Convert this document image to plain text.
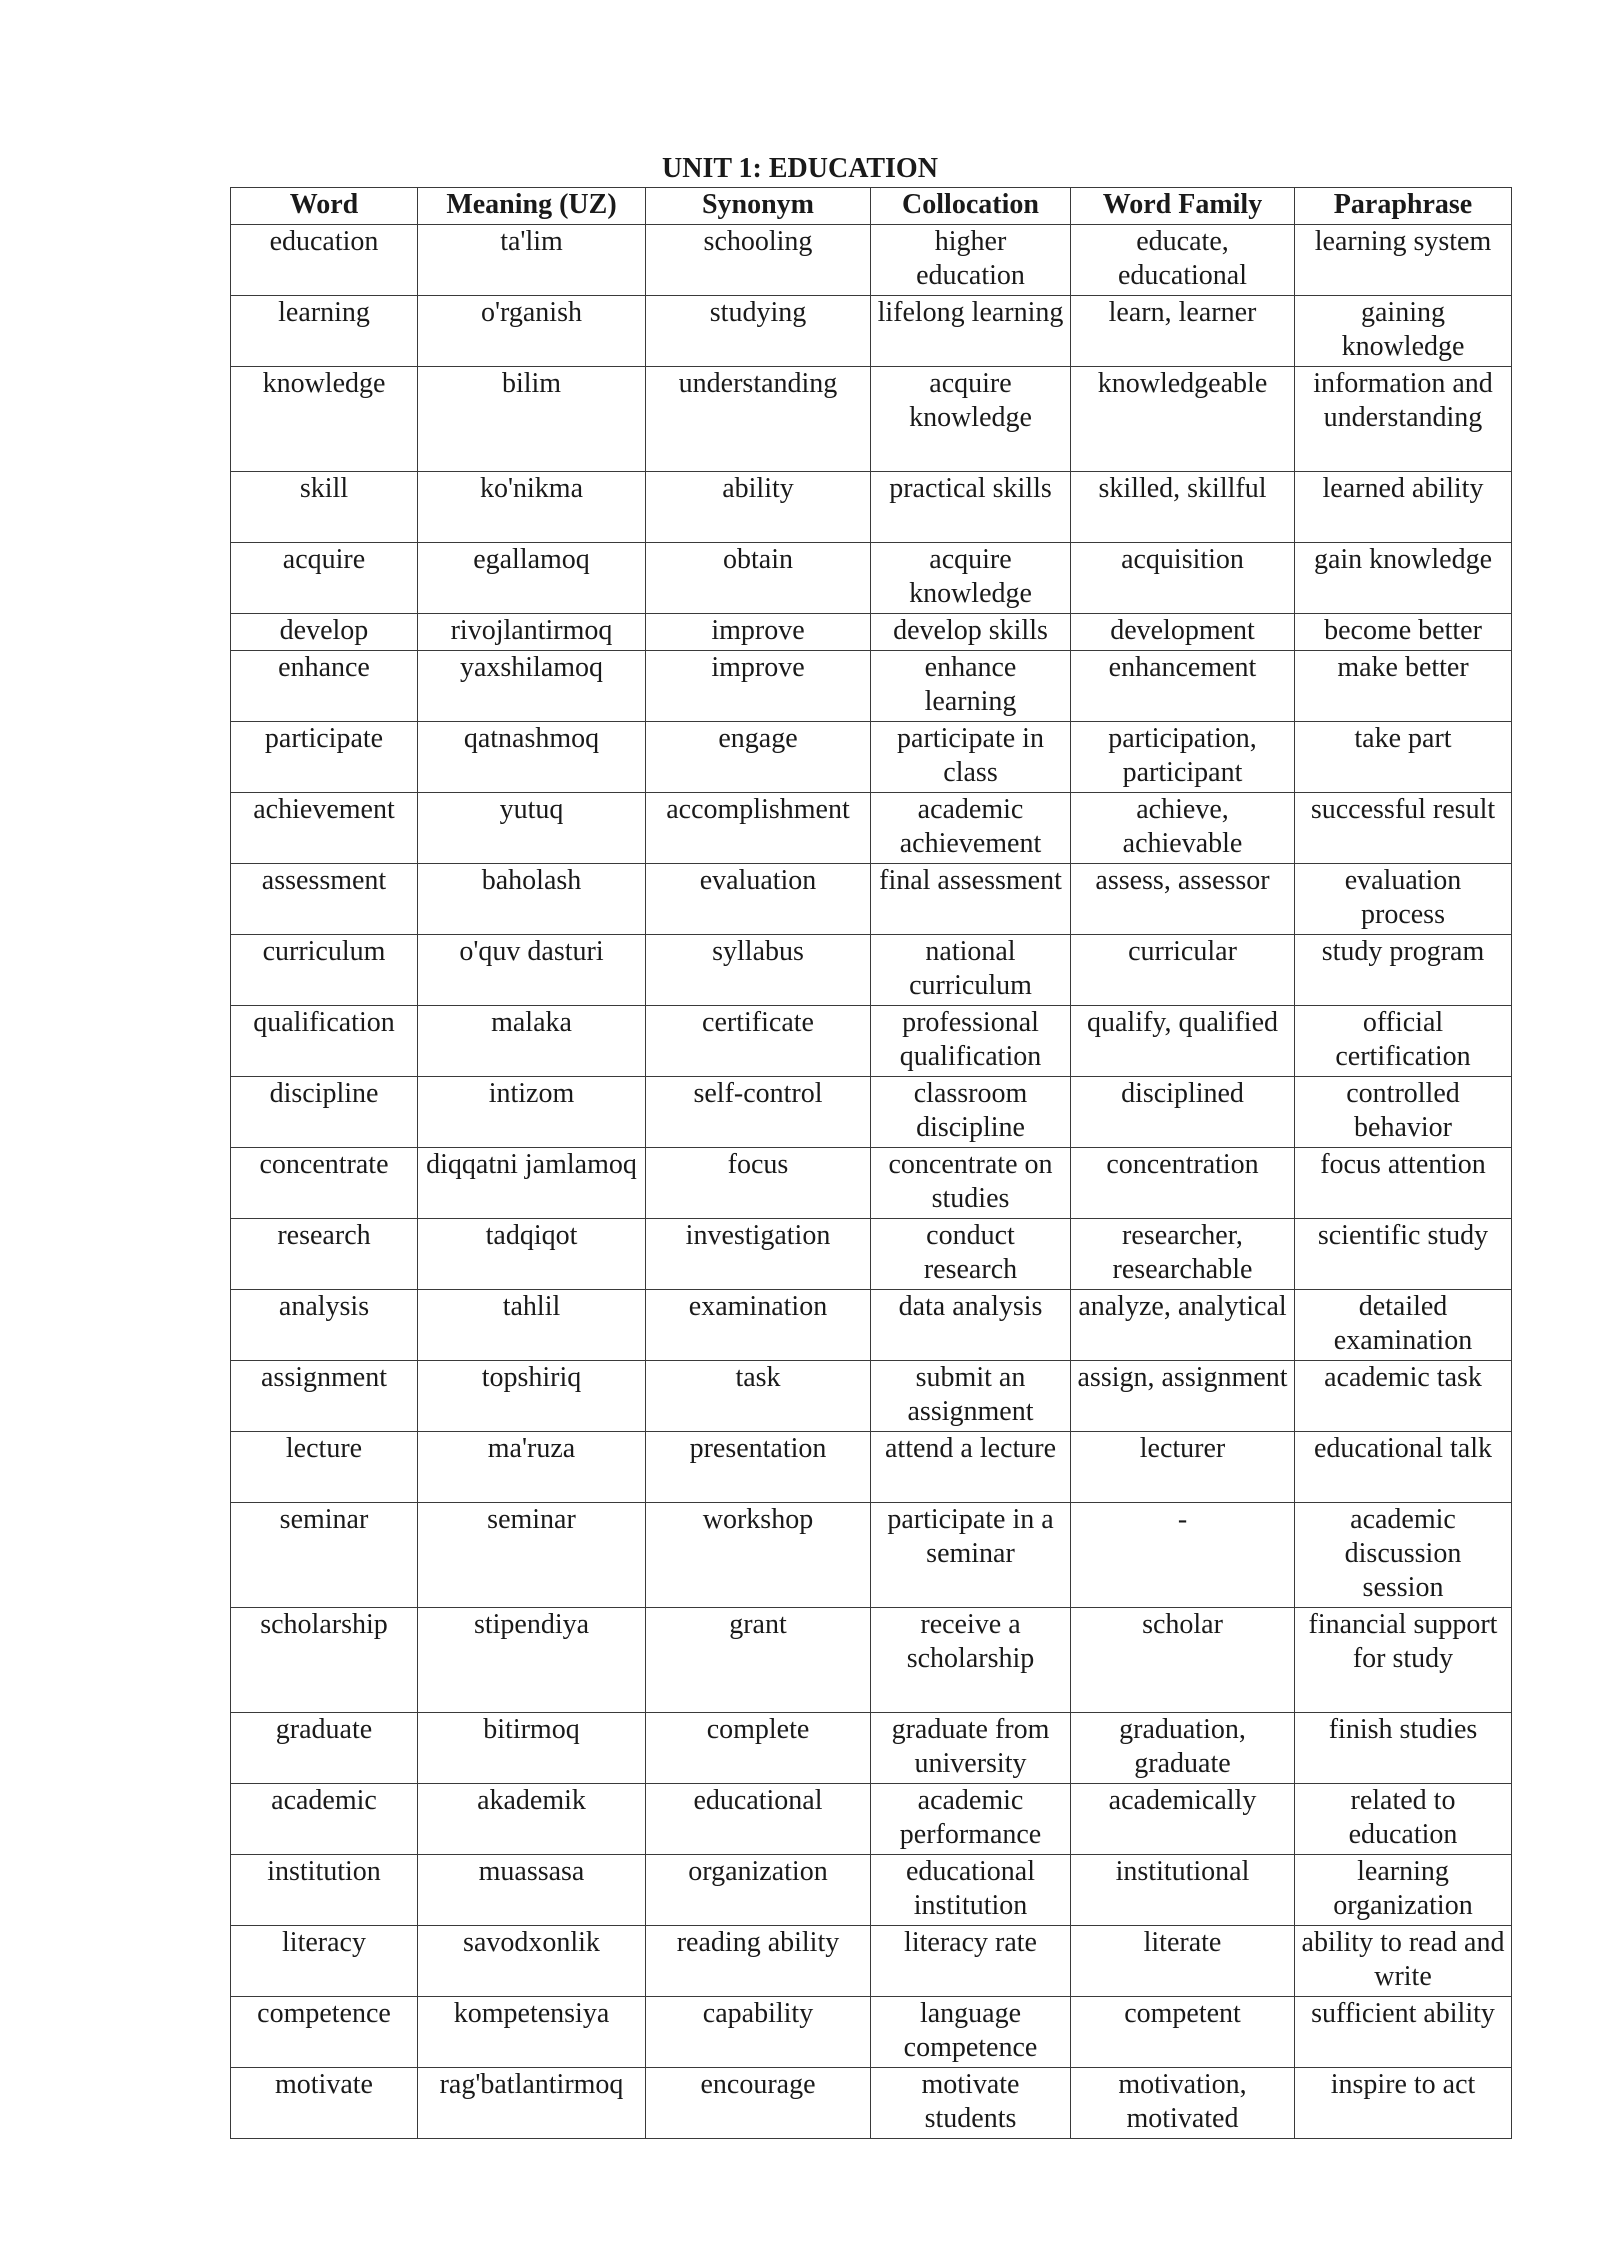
UNIT 1: EDUCATION
Word	Meaning (UZ)	Synonym	Collocation	Word Family	Paraphrase
education	ta'lim	schooling	higher education	educate, educational	learning system
learning	o'rganish	studying	lifelong learning	learn, learner	gaining knowledge
knowledge	bilim	understanding	acquire knowledge	knowledgeable	information and understanding
skill	ko'nikma	ability	practical skills	skilled, skillful	learned ability
acquire	egallamoq	obtain	acquire knowledge	acquisition	gain knowledge
develop	rivojlantirmoq	improve	develop skills	development	become better
enhance	yaxshilamoq	improve	enhance learning	enhancement	make better
participate	qatnashmoq	engage	participate in class	participation, participant	take part
achievement	yutuq	accomplishment	academic achievement	achieve, achievable	successful result
assessment	baholash	evaluation	final assessment	assess, assessor	evaluation process
curriculum	o'quv dasturi	syllabus	national curriculum	curricular	study program
qualification	malaka	certificate	professional qualification	qualify, qualified	official certification
discipline	intizom	self-control	classroom discipline	disciplined	controlled behavior
concentrate	diqqatni jamlamoq	focus	concentrate on studies	concentration	focus attention
research	tadqiqot	investigation	conduct research	researcher, researchable	scientific study
analysis	tahlil	examination	data analysis	analyze, analytical	detailed examination
assignment	topshiriq	task	submit an assignment	assign, assignment	academic task
lecture	ma'ruza	presentation	attend a lecture	lecturer	educational talk
seminar	seminar	workshop	participate in a seminar	-	academic discussion session
scholarship	stipendiya	grant	receive a scholarship	scholar	financial support for study
graduate	bitirmoq	complete	graduate from university	graduation, graduate	finish studies
academic	akademik	educational	academic performance	academically	related to education
institution	muassasa	organization	educational institution	institutional	learning organization
literacy	savodxonlik	reading ability	literacy rate	literate	ability to read and write
competence	kompetensiya	capability	language competence	competent	sufficient ability
motivate	rag'batlantirmoq	encourage	motivate students	motivation, motivated	inspire to act
